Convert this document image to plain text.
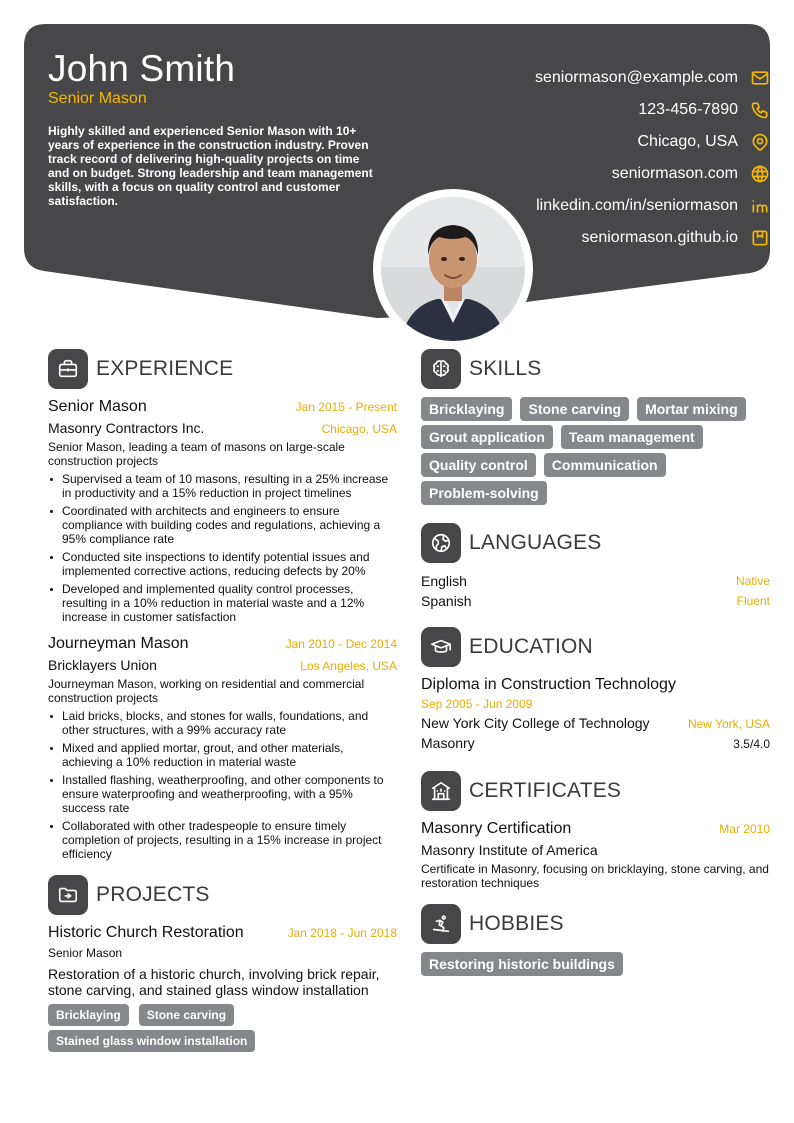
John Smith
Senior Mason
Highly skilled and experienced Senior Mason with 10+ years of experience in the construction industry. Proven track record of delivering high-quality projects on time and on budget. Strong leadership and team management skills, with a focus on quality control and customer satisfaction.
seniormason@example.com
123-456-7890
Chicago, USA
seniormason.com
linkedin.com/in/seniormason
seniormason.github.io
EXPERIENCE
Senior Mason	Jan 2015 - Present
Masonry Contractors Inc.	Chicago, USA
Senior Mason, leading a team of masons on large-scale construction projects
Supervised a team of 10 masons, resulting in a 25% increase in productivity and a 15% reduction in project timelines
Coordinated with architects and engineers to ensure compliance with building codes and regulations, achieving a 95% compliance rate
Conducted site inspections to identify potential issues and implemented corrective actions, reducing defects by 20%
Developed and implemented quality control processes, resulting in a 10% reduction in material waste and a 12% increase in customer satisfaction
Journeyman Mason	Jan 2010 - Dec 2014
Bricklayers Union	Los Angeles, USA
Journeyman Mason, working on residential and commercial construction projects
Laid bricks, blocks, and stones for walls, foundations, and other structures, with a 99% accuracy rate
Mixed and applied mortar, grout, and other materials, achieving a 10% reduction in material waste
Installed flashing, weatherproofing, and other components to ensure waterproofing and weatherproofing, with a 95% success rate
Collaborated with other tradespeople to ensure timely completion of projects, resulting in a 15% increase in project efficiency
PROJECTS
Historic Church Restoration	Jan 2018 - Jun 2018
Senior Mason
Restoration of a historic church, involving brick repair, stone carving, and stained glass window installation
Bricklaying	Stone carving
Stained glass window installation
SKILLS
Bricklaying	Stone carving	Mortar mixing
Grout application	Team management
Quality control	Communication
Problem-solving
LANGUAGES
English	Native
Spanish	Fluent
EDUCATION
Diploma in Construction Technology
Sep 2005 - Jun 2009
New York City College of Technology	New York, USA
Masonry	3.5/4.0
CERTIFICATES
Masonry Certification	Mar 2010
Masonry Institute of America
Certificate in Masonry, focusing on bricklaying, stone carving, and restoration techniques
HOBBIES
Restoring historic buildings
